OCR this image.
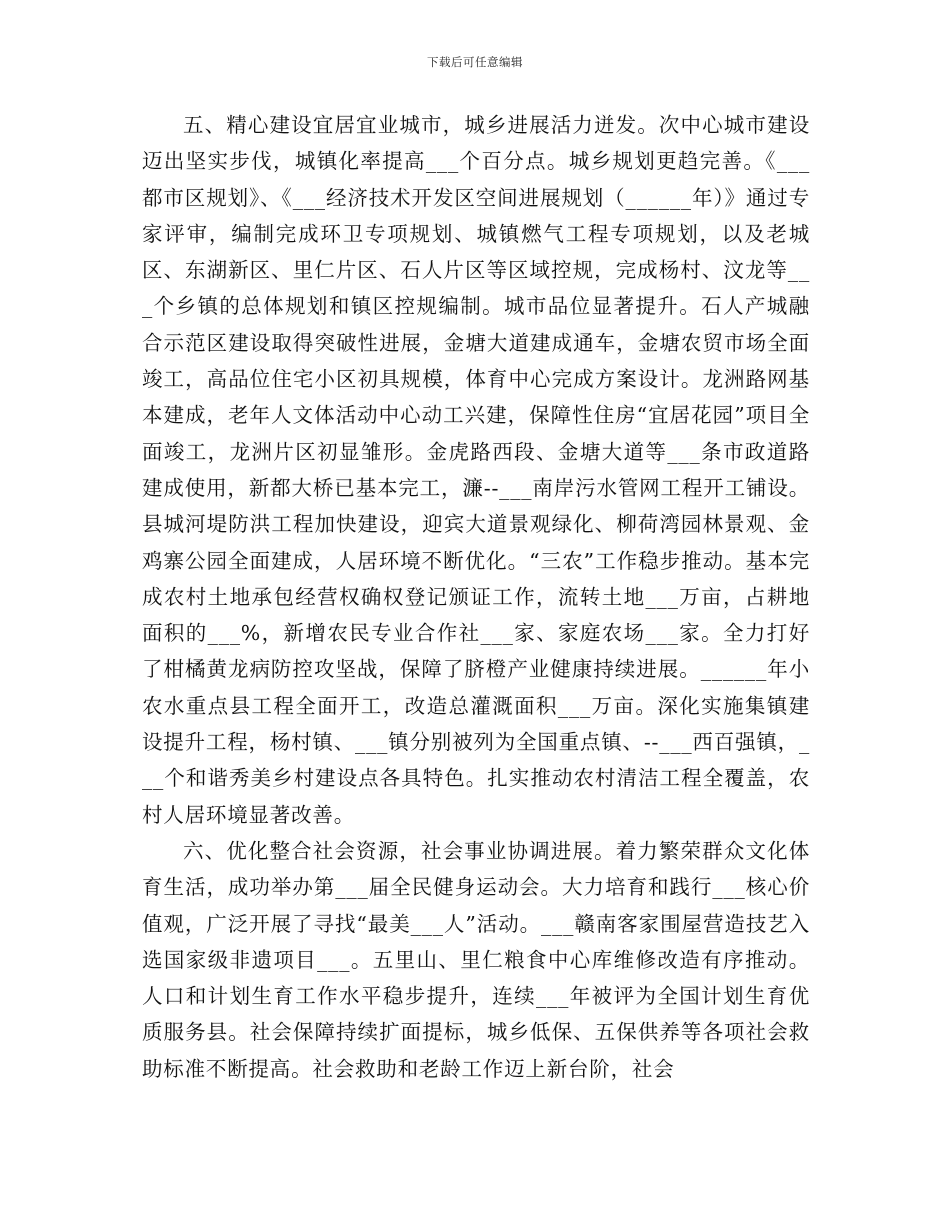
下载后可任意编辑

五、精心建设宜居宜业城市，城乡进展活力迸发。次中心城市建设迈出坚实步伐，城镇化率提高___个百分点。城乡规划更趋完善。《___都市区规划》、《___经济技术开发区空间进展规划（______年）》通过专家评审，编制完成环卫专项规划、城镇燃气工程专项规划，以及老城区、东湖新区、里仁片区、石人片区等区域控规，完成杨村、汶龙等___个乡镇的总体规划和镇区控规编制。城市品位显著提升。石人产城融合示范区建设取得突破性进展，金塘大道建成通车，金塘农贸市场全面竣工，高品位住宅小区初具规模，体育中心完成方案设计。龙洲路网基本建成，老年人文体活动中心动工兴建，保障性住房“宜居花园”项目全面竣工，龙洲片区初显雏形。金虎路西段、金塘大道等___条市政道路建成使用，新都大桥已基本完工，濂--___南岸污水管网工程开工铺设。县城河堤防洪工程加快建设，迎宾大道景观绿化、柳荷湾园林景观、金鸡寨公园全面建成，人居环境不断优化。“三农”工作稳步推动。基本完成农村土地承包经营权确权登记颁证工作，流转土地___万亩，占耕地面积的___%，新增农民专业合作社___家、家庭农场___家。全力打好了柑橘黄龙病防控攻坚战，保障了脐橙产业健康持续进展。______年小农水重点县工程全面开工，改造总灌溉面积___万亩。深化实施集镇建设提升工程，杨村镇、___镇分别被列为全国重点镇、--___西百强镇，___个和谐秀美乡村建设点各具特色。扎实推动农村清洁工程全覆盖，农村人居环境显著改善。

六、优化整合社会资源，社会事业协调进展。着力繁荣群众文化体育生活，成功举办第___届全民健身运动会。大力培育和践行___核心价值观，广泛开展了寻找“最美___人”活动。___赣南客家围屋营造技艺入选国家级非遗项目___。五里山、里仁粮食中心库维修改造有序推动。人口和计划生育工作水平稳步提升，连续___年被评为全国计划生育优质服务县。社会保障持续扩面提标，城乡低保、五保供养等各项社会救助标准不断提高。社会救助和老龄工作迈上新台阶，社会
